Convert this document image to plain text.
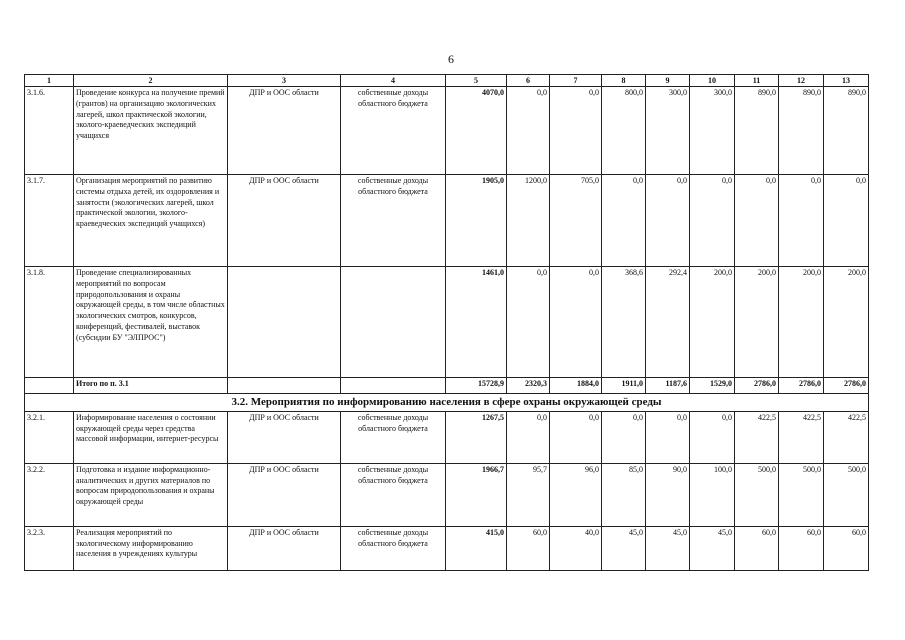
6
1	2	3	4	5	6	7	8	9	10	11	12	13
3.1.6.	Проведение конкурса на получение премий (грантов) на организацию экологических лагерей, школ практической экологии, эколого-краеведческих экспедиций учащихся	ДПР и ООС области	собственные доходы областного бюджета	4070,0	0,0	0,0	800,0	300,0	300,0	890,0	890,0	890,0
3.1.7.	Организация мероприятий по развитию системы отдыха детей, их оздоровления и занятости (экологических лагерей, школ практической экологии, эколого-краеведческих экспедиций учащихся)	ДПР и ООС области	собственные доходы областного бюджета	1905,0	1200,0	705,0	0,0	0,0	0,0	0,0	0,0	0,0
3.1.8.	Проведение специализированных мероприятий по вопросам природопользования и охраны окружающей среды, в том числе областных экологических смотров, конкурсов, конференций, фестивалей, выставок (субсидии БУ "ЭЛПРОС")			1461,0	0,0	0,0	368,6	292,4	200,0	200,0	200,0	200,0
	Итого по п. 3.1			15728,9	2320,3	1884,0	1911,0	1187,6	1529,0	2786,0	2786,0	2786,0
3.2. Мероприятия по информированию населения в сфере охраны окружающей среды												
3.2.1.	Информирование населения о состоянии окружающей среды через средства массовой информации, интернет-ресурсы	ДПР и ООС области	собственные доходы областного бюджета	1267,5	0,0	0,0	0,0	0,0	0,0	422,5	422,5	422,5
3.2.2.	Подготовка и издание информационно-аналитических и других материалов по вопросам природопользования и охраны окружающей среды	ДПР и ООС области	собственные доходы областного бюджета	1966,7	95,7	96,0	85,0	90,0	100,0	500,0	500,0	500,0
3.2.3.	Реализация мероприятий по экологическому информированию населения в учреждениях культуры	ДПР и ООС области	собственные доходы областного бюджета	415,0	60,0	40,0	45,0	45,0	45,0	60,0	60,0	60,0
